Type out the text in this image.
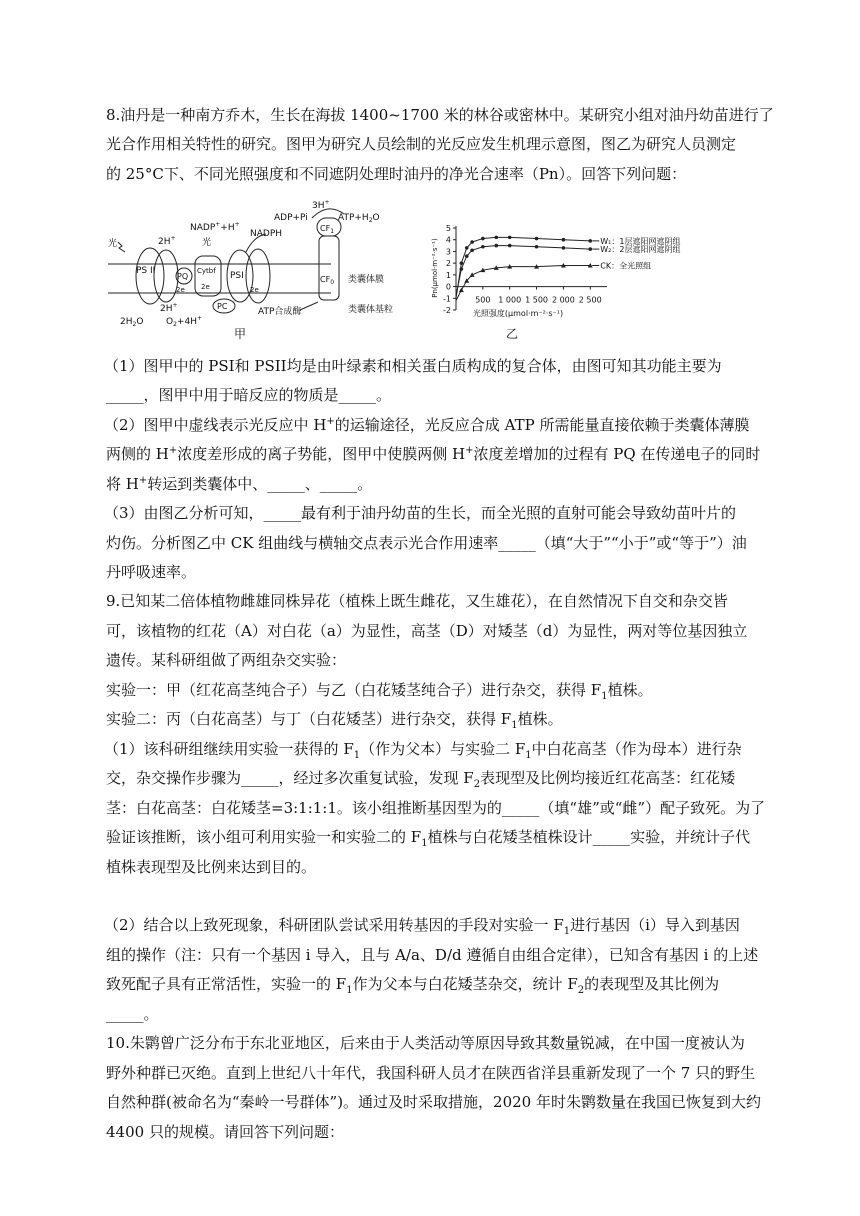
8.油丹是一种南方乔木，生长在海拔 1400~1700 米的林谷或密林中。某研究小组对油丹幼苗进行了
光合作用相关特性的研究。图甲为研究人员绘制的光反应发生机理示意图，图乙为研究人员测定
的 25°C下、不同光照强度和不同遮阴处理时油丹的净光合速率（Pn）。回答下列问题：
PS II
PQ
2e
Cytbf
2e
PC
PSI
2e
$CF_1$
$CF_0$
光	2H+
NADP++H+
光
NADPH
3H+
ADP+Pi	$ATP+H_2O$
2H+
$2H_2O$	$O_2+4H^+$
ATP合成酶
类囊体膜
类囊体基粒
甲
-2
-1
0
1
2
3
4
5
500 1 000 1 500 2 000 2 500
W₁：1层遮阳网遮阴组
W₂：2层遮阳网遮阴组
CK：全光照组
Pn(μmol·m⁻²·s⁻¹)
光照强度(μmol·m⁻²·s⁻¹)
乙
（1）图甲中的 PSI和 PSII均是由叶绿素和相关蛋白质构成的复合体，由图可知其功能主要为
_____，图甲中用于暗反应的物质是_____。
（2）图甲中虚线表示光反应中 H+的运输途径，光反应合成 ATP 所需能量直接依赖于类囊体薄膜
两侧的 H+浓度差形成的离子势能，图甲中使膜两侧 H+浓度差增加的过程有 PQ 在传递电子的同时
将 H+转运到类囊体中、_____、_____。
（3）由图乙分析可知，_____最有利于油丹幼苗的生长，而全光照的直射可能会导致幼苗叶片的
灼伤。分析图乙中 CK 组曲线与横轴交点表示光合作用速率_____（填“大于”“小于”或“等于”）油
丹呼吸速率。
9.已知某二倍体植物雌雄同株异花（植株上既生雌花，又生雄花），在自然情况下自交和杂交皆
可，该植物的红花（A）对白花（a）为显性，高茎（D）对矮茎（d）为显性，两对等位基因独立
遗传。某科研组做了两组杂交实验：
实验一：甲（红花高茎纯合子）与乙（白花矮茎纯合子）进行杂交，获得 $F_1$植株。
实验二：丙（白花高茎）与丁（白花矮茎）进行杂交，获得 $F_1$植株。
（1）该科研组继续用实验一获得的 $F_1$（作为父本）与实验二 $F_1$中白花高茎（作为母本）进行杂
交，杂交操作步骤为_____，经过多次重复试验，发现 $F_2$表现型及比例均接近红花高茎：红花矮
茎：白花高茎：白花矮茎=3:1:1:1。该小组推断基因型为的_____（填“雄”或“雌”）配子致死。为了
验证该推断，该小组可利用实验一和实验二的 $F_1$植株与白花矮茎植株设计_____实验，并统计子代
植株表现型及比例来达到目的。
（2）结合以上致死现象，科研团队尝试采用转基因的手段对实验一 $F_1$进行基因（i）导入到基因
组的操作（注：只有一个基因 i 导入，且与 A/a、D/d 遵循自由组合定律），已知含有基因 i 的上述
致死配子具有正常活性，实验一的 $F_1$作为父本与白花矮茎杂交，统计 $F_2$的表现型及其比例为
_____。
10.朱鹮曾广泛分布于东北亚地区，后来由于人类活动等原因导致其数量锐减，在中国一度被认为
野外种群已灭绝。直到上世纪八十年代，我国科研人员才在陕西省洋县重新发现了一个 7 只的野生
自然种群(被命名为“秦岭一号群体”)。通过及时采取措施，2020 年时朱鹮数量在我国已恢复到大约
4400 只的规模。请回答下列问题：
